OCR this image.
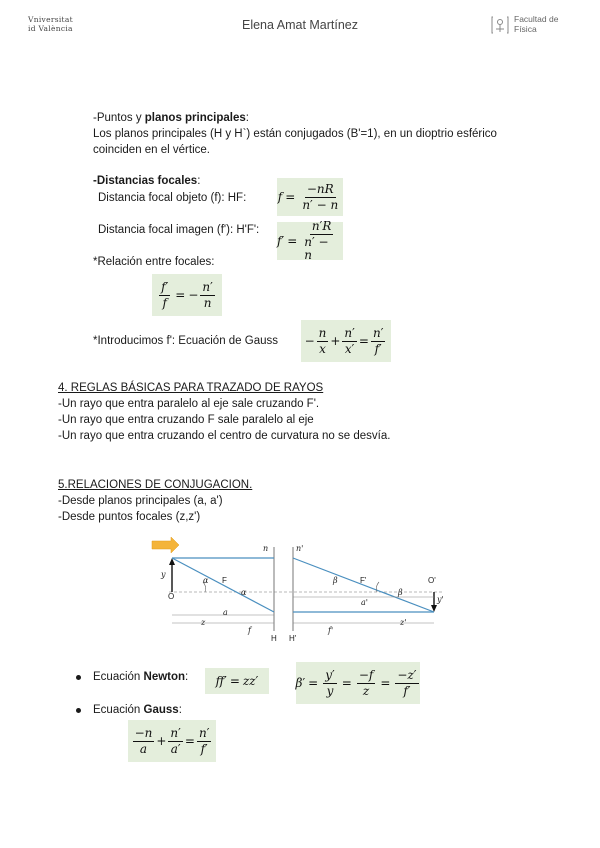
Vniversitat
id València	Elena Amat Martínez	Facultad de
Física
-Puntos y planos principales:
Los planos principales (H y H`) están conjugados (B'=1), en un dioptrio esférico
coinciden en el vértice.
-Distancias focales:
Distancia focal objeto (f): HF:	$f = \frac{-nR}{n' - n}$
Distancia focal imagen (f'): H'F':
f ′ = $\frac{n'R}{n' - n}$
*Relación entre focales:
$\frac{f'}{f}$ = − $\frac{n'}{n}$
*Introducimos f': Ecuación de Gauss − $\frac{n}{x} + \frac{n'}{x'} = \frac{n'}{f'}$
4. REGLAS BÁSICAS PARA TRAZADO DE RAYOS
-Un rayo que entra paralelo al eje sale cruzando F'.
-Un rayo que entra cruzando F sale paralelo al eje
-Un rayo que entra cruzando el centro de curvatura no se desvía.
5.RELACIONES DE CONJUGACION.
-Desde planos principales (a, a')
-Desde puntos focales (z,z')
n	n'
y
y'
α
α
β
β
a
a'
z	z'
f	f'
O
O'
F	F'
H H'
Ecuación Newton: ff ′ = zz ′	β ′ = $\frac{y'}{y} = \frac{-f}{z} = \frac{-z'}{f'}$
Ecuación Gauss:
$\frac{-n}{a} + \frac{n'}{a'} = \frac{n'}{f'}$
